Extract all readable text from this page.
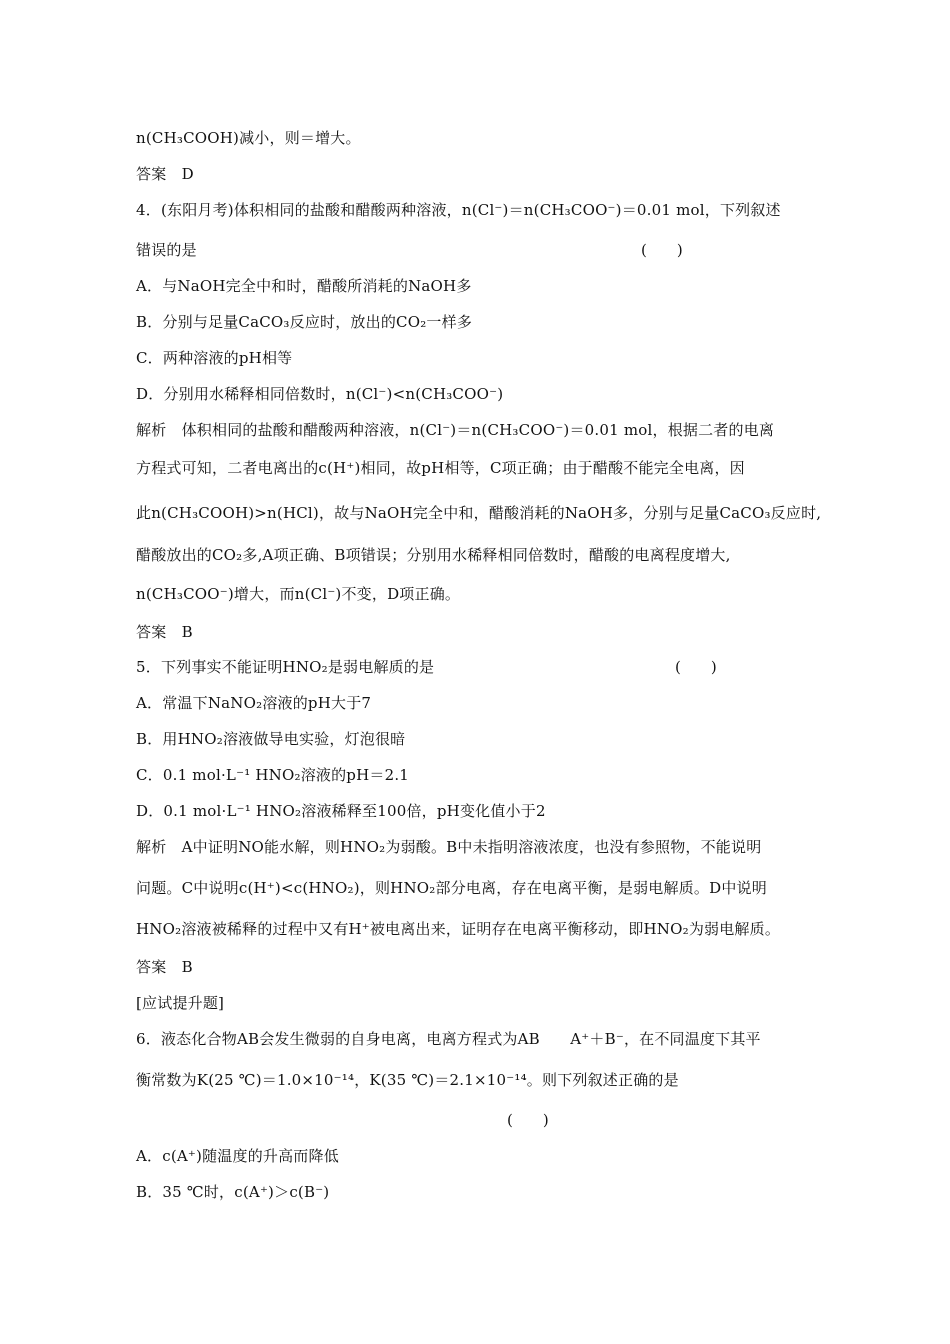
n(CH₃COOH)减小，则＝增大。
答案　D
4．(东阳月考)体积相同的盐酸和醋酸两种溶液，n(Cl⁻)＝n(CH₃COO⁻)＝0.01 mol，下列叙述
错误的是	(　　)
A．与NaOH完全中和时，醋酸所消耗的NaOH多
B．分别与足量CaCO₃反应时，放出的CO₂一样多
C．两种溶液的pH相等
D．分别用水稀释相同倍数时，n(Cl⁻)<n(CH₃COO⁻)
解析　体积相同的盐酸和醋酸两种溶液，n(Cl⁻)＝n(CH₃COO⁻)＝0.01 mol，根据二者的电离
方程式可知，二者电离出的c(H⁺)相同，故pH相等，C项正确；由于醋酸不能完全电离，因
此n(CH₃COOH)>n(HCl)，故与NaOH完全中和，醋酸消耗的NaOH多，分别与足量CaCO₃反应时,
醋酸放出的CO₂多,A项正确、B项错误；分别用水稀释相同倍数时，醋酸的电离程度增大,
n(CH₃COO⁻)增大，而n(Cl⁻)不变，D项正确。
答案　B
5．下列事实不能证明HNO₂是弱电解质的是	(　　)
A．常温下NaNO₂溶液的pH大于7
B．用HNO₂溶液做导电实验，灯泡很暗
C．0.1 mol·L⁻¹ HNO₂溶液的pH＝2.1
D．0.1 mol·L⁻¹ HNO₂溶液稀释至100倍，pH变化值小于2
解析　A中证明NO能水解，则HNO₂为弱酸。B中未指明溶液浓度，也没有参照物，不能说明
问题。C中说明c(H⁺)<c(HNO₂)，则HNO₂部分电离，存在电离平衡，是弱电解质。D中说明
HNO₂溶液被稀释的过程中又有H⁺被电离出来，证明存在电离平衡移动，即HNO₂为弱电解质。
答案　B
[应试提升题]
6．液态化合物AB会发生微弱的自身电离，电离方程式为AB　　A⁺＋B⁻，在不同温度下其平
衡常数为K(25 ℃)＝1.0×10⁻¹⁴，K(35 ℃)＝2.1×10⁻¹⁴。则下列叙述正确的是
(　　)
A．c(A⁺)随温度的升高而降低
B．35 ℃时，c(A⁺)＞c(B⁻)
